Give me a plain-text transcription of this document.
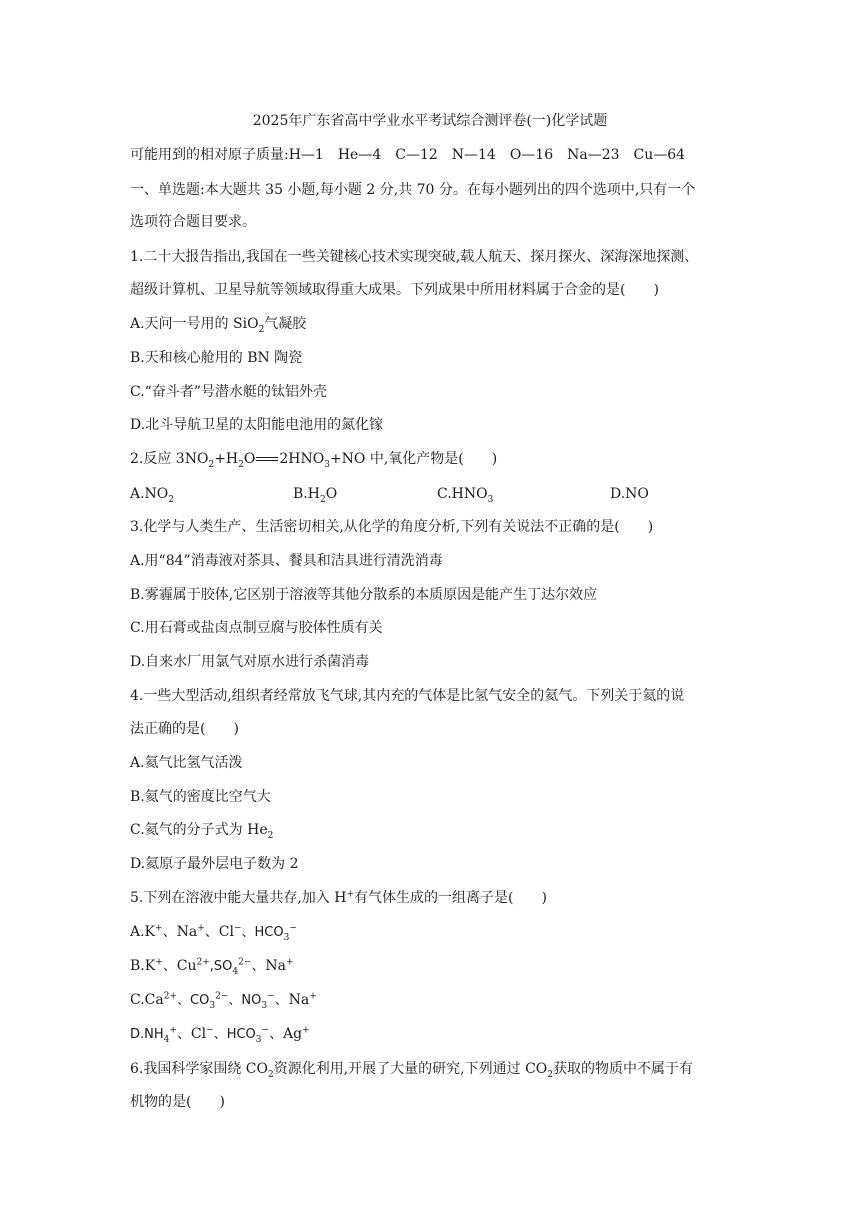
2025年广东省高中学业水平考试综合测评卷(一)化学试题
可能用到的相对原子质量:H—1　He—4　C—12　N—14　O—16　Na—23　Cu—64
一、单选题:本大题共 35 小题,每小题 2 分,共 70 分。在每小题列出的四个选项中,只有一个
选项符合题目要求。
1.二十大报告指出,我国在一些关键核心技术实现突破,载人航天、探月探火、深海深地探测、
超级计算机、卫星导航等领域取得重大成果。下列成果中所用材料属于合金的是(　　)
A.天问一号用的 SiO$_2$气凝胶
B.天和核心舱用的 BN 陶瓷
C.“奋斗者”号潜水艇的钛铝外壳
D.北斗导航卫星的太阳能电池用的氮化镓
2.反应 $3NO_2+H_2O$ $2HNO_3+NO$ 中,氧化产物是(　　)
$A.NO_2$	$B.H_2O$	$C.HNO_3$	D.NO
3.化学与人类生产、生活密切相关,从化学的角度分析,下列有关说法不正确的是(　　)
A.用“84”消毒液对茶具、餐具和洁具进行清洗消毒
B.雾霾属于胶体,它区别于溶液等其他分散系的本质原因是能产生丁达尔效应
C.用石膏或盐卤点制豆腐与胶体性质有关
D.自来水厂用氯气对原水进行杀菌消毒
4.一些大型活动,组织者经常放飞气球,其内充的气体是比氢气安全的氦气。下列关于氦的说
法正确的是(　　)
A.氦气比氢气活泼
B.氦气的密度比空气大
C.氦气的分子式为 $He_2$
D.氦原子最外层电子数为 2
5.下列在溶液中能大量共存,加入 H+有气体生成的一组离子是(　　)
A.K+、Na+、Cl−、$HCO_3^-$
B.K+、$Cu^{2+},SO_4^{2-}$、Na+
$C.Ca^{2+}$、$CO_3^{2-}$、$NO_3^-$、Na+
$D.NH_4^+$、Cl−、$HCO_3^-$、Ag+
6.我国科学家围绕 $CO_2$资源化利用,开展了大量的研究,下列通过 $CO_2$获取的物质中不属于有
机物的是(　　)
